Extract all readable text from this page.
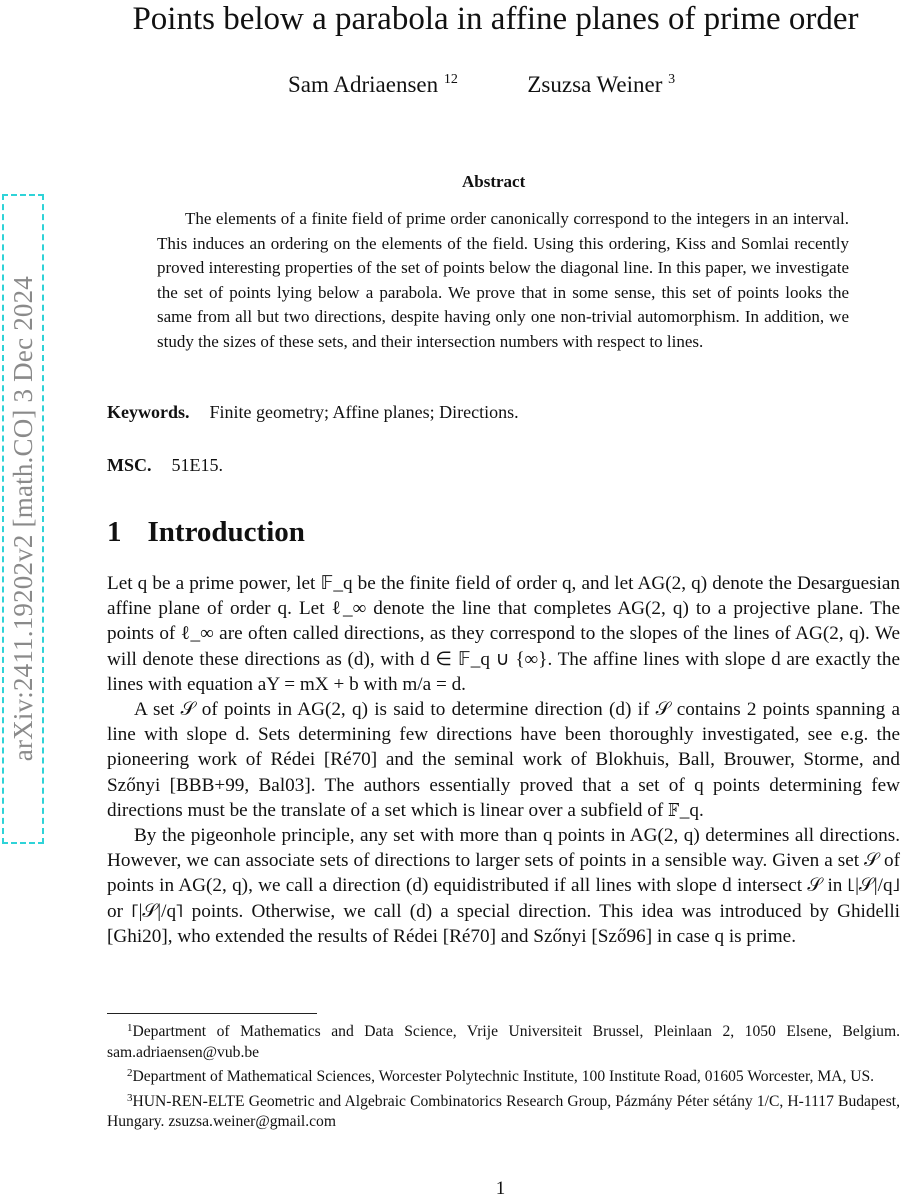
arXiv:2411.19202v2 [math.CO] 3 Dec 2024
Points below a parabola in affine planes of prime order
Sam Adriaensen $^{12}$	Zsuzsa Weiner $^3$
Abstract

The elements of a finite field of prime order canonically correspond to the integers in an interval. This induces an ordering on the elements of the field. Using this ordering, Kiss and Somlai recently proved interesting properties of the set of points below the diagonal line. In this paper, we investigate the set of points lying below a parabola. We prove that in some sense, this set of points looks the same from all but two directions, despite having only one non-trivial automorphism. In addition, we study the sizes of these sets, and their intersection numbers with respect to lines.

Keywords. Finite geometry; Affine planes; Directions.
MSC. 51E15.
1 Introduction

Let q be a prime power, let 𝔽_q be the finite field of order q, and let AG(2, q) denote the Desarguesian affine plane of order q. Let ℓ_∞ denote the line that completes AG(2, q) to a projective plane. The points of ℓ_∞ are often called directions, as they correspond to the slopes of the lines of AG(2, q). We will denote these directions as (d), with d ∈ 𝔽_q ∪ {∞}. The affine lines with slope d are exactly the lines with equation aY = mX + b with m/a = d.

A set 𝒮 of points in AG(2, q) is said to determine direction (d) if 𝒮 contains 2 points spanning a line with slope d. Sets determining few directions have been thoroughly investigated, see e.g. the pioneering work of Rédei [Ré70] and the seminal work of Blokhuis, Ball, Brouwer, Storme, and Szőnyi [BBB+99, Bal03]. The authors essentially proved that a set of q points determining few directions must be the translate of a set which is linear over a subfield of 𝔽_q.

By the pigeonhole principle, any set with more than q points in AG(2, q) determines all directions. However, we can associate sets of directions to larger sets of points in a sensible way. Given a set 𝒮 of points in AG(2, q), we call a direction (d) equidistributed if all lines with slope d intersect 𝒮 in ⌊|𝒮|/q⌋ or ⌈|𝒮|/q⌉ points. Otherwise, we call (d) a special direction. This idea was introduced by Ghidelli [Ghi20], who extended the results of Rédei [Ré70] and Szőnyi [Sző96] in case q is prime.

$^1$Department of Mathematics and Data Science, Vrije Universiteit Brussel, Pleinlaan 2, 1050 Elsene, Belgium. sam.adriaensen@vub.be

$^2$Department of Mathematical Sciences, Worcester Polytechnic Institute, 100 Institute Road, 01605 Worcester, MA, US.

$^3$HUN-REN-ELTE Geometric and Algebraic Combinatorics Research Group, Pázmány Péter sétány 1/C, H-1117 Budapest, Hungary. zsuzsa.weiner@gmail.com

1
